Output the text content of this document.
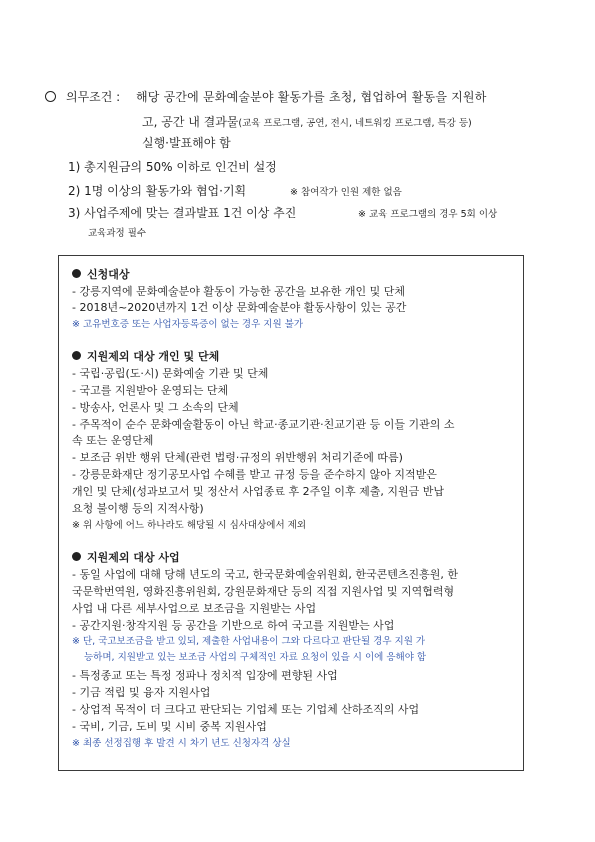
의무조건 : 해당 공간에 문화예술분야 활동가를 초청, 협업하여 활동을 지원하
고, 공간 내 결과물(교육 프로그램, 공연, 전시, 네트워킹 프로그램, 특강 등)
실행·발표해야 함
1) 총지원금의 50% 이하로 인건비 설정
2) 1명 이상의 활동가와 협업·기획	※ 참여작가 인원 제한 없음
3) 사업주제에 맞는 결과발표 1건 이상 추진	※ 교육 프로그램의 경우 5회 이상
교육과정 필수
신청대상
- 강릉지역에 문화예술분야 활동이 가능한 공간을 보유한 개인 및 단체
- 2018년~2020년까지 1건 이상 문화예술분야 활동사항이 있는 공간
※ 고유번호증 또는 사업자등록증이 없는 경우 지원 불가
지원제외 대상 개인 및 단체
- 국립·공립(도·시) 문화예술 기관 및 단체
- 국고를 지원받아 운영되는 단체
- 방송사, 언론사 및 그 소속의 단체
- 주목적이 순수 문화예술활동이 아닌 학교·종교기관·친교기관 등 이들 기관의 소
속 또는 운영단체
- 보조금 위반 행위 단체(관련 법령·규정의 위반행위 처리기준에 따름)
- 강릉문화재단 정기공모사업 수혜를 받고 규정 등을 준수하지 않아 지적받은
개인 및 단체(성과보고서 및 정산서 사업종료 후 2주일 이후 제출, 지원금 반납
요청 불이행 등의 지적사항)
※ 위 사항에 어느 하나라도 해당될 시 심사대상에서 제외
지원제외 대상 사업
- 동일 사업에 대해 당해 년도의 국고, 한국문화예술위원회, 한국콘텐츠진흥원, 한
국문학번역원, 영화진흥위원회, 강원문화재단 등의 직접 지원사업 및 지역협력형
사업 내 다른 세부사업으로 보조금을 지원받는 사업
- 공간지원·창작지원 등 공간을 기반으로 하여 국고를 지원받는 사업
※ 단, 국고보조금을 받고 있되, 제출한 사업내용이 그와 다르다고 판단될 경우 지원 가
능하며, 지원받고 있는 보조금 사업의 구체적인 자료 요청이 있을 시 이에 응해야 함
- 특정종교 또는 특정 정파나 정치적 입장에 편향된 사업
- 기금 적립 및 융자 지원사업
- 상업적 목적이 더 크다고 판단되는 기업체 또는 기업체 산하조직의 사업
- 국비, 기금, 도비 및 시비 중복 지원사업
※ 최종 선정집행 후 발견 시 차기 년도 신청자격 상실
